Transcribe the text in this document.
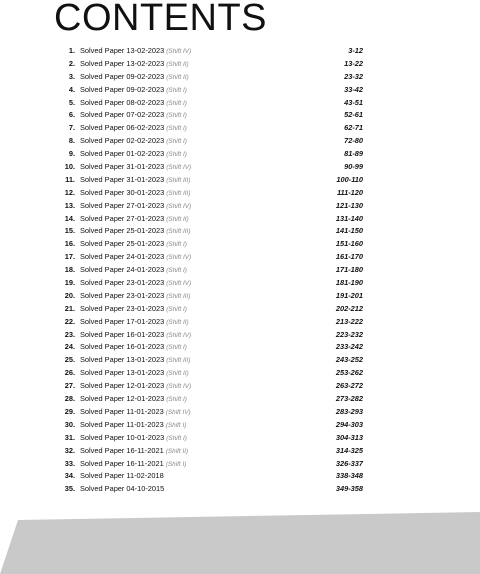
CONTENTS
1. Solved Paper 13-02-2023 (Shift IV)	3-12
2. Solved Paper 13-02-2023 (Shift II)	13-22
3. Solved Paper 09-02-2023 (Shift II)	23-32
4. Solved Paper 09-02-2023 (Shift I)	33-42
5. Solved Paper 08-02-2023 (Shift I)	43-51
6. Solved Paper 07-02-2023 (Shift I)	52-61
7. Solved Paper 06-02-2023 (Shift I)	62-71
8. Solved Paper 02-02-2023 (Shift I)	72-80
9. Solved Paper 01-02-2023 (Shift I)	81-89
10. Solved Paper 31-01-2023 (Shift IV)	90-99
11. Solved Paper 31-01-2023 (Shift III)	100-110
12. Solved Paper 30-01-2023 (Shift III)	111-120
13. Solved Paper 27-01-2023 (Shift IV)	121-130
14. Solved Paper 27-01-2023 (Shift II)	131-140
15. Solved Paper 25-01-2023 (Shift III)	141-150
16. Solved Paper 25-01-2023 (Shift I)	151-160
17. Solved Paper 24-01-2023 (Shift IV)	161-170
18. Solved Paper 24-01-2023 (Shift I)	171-180
19. Solved Paper 23-01-2023 (Shift IV)	181-190
20. Solved Paper 23-01-2023 (Shift III)	191-201
21. Solved Paper 23-01-2023 (Shift I)	202-212
22. Solved Paper 17-01-2023 (Shift II)	213-222
23. Solved Paper 16-01-2023 (Shift IV)	223-232
24. Solved Paper 16-01-2023 (Shift I)	233-242
25. Solved Paper 13-01-2023 (Shift III)	243-252
26. Solved Paper 13-01-2023 (Shift II)	253-262
27. Solved Paper 12-01-2023 (Shift IV)	263-272
28. Solved Paper 12-01-2023 (Shift I)	273-282
29. Solved Paper 11-01-2023 (Shift IV)	283-293
30. Solved Paper 11-01-2023 (Shift I)	294-303
31. Solved Paper 10-01-2023 (Shift I)	304-313
32. Solved Paper 16-11-2021 (Shift II)	314-325
33. Solved Paper 16-11-2021 (Shift I)	326-337
34. Solved Paper 11-02-2018	338-348
35. Solved Paper 04-10-2015	349-358
